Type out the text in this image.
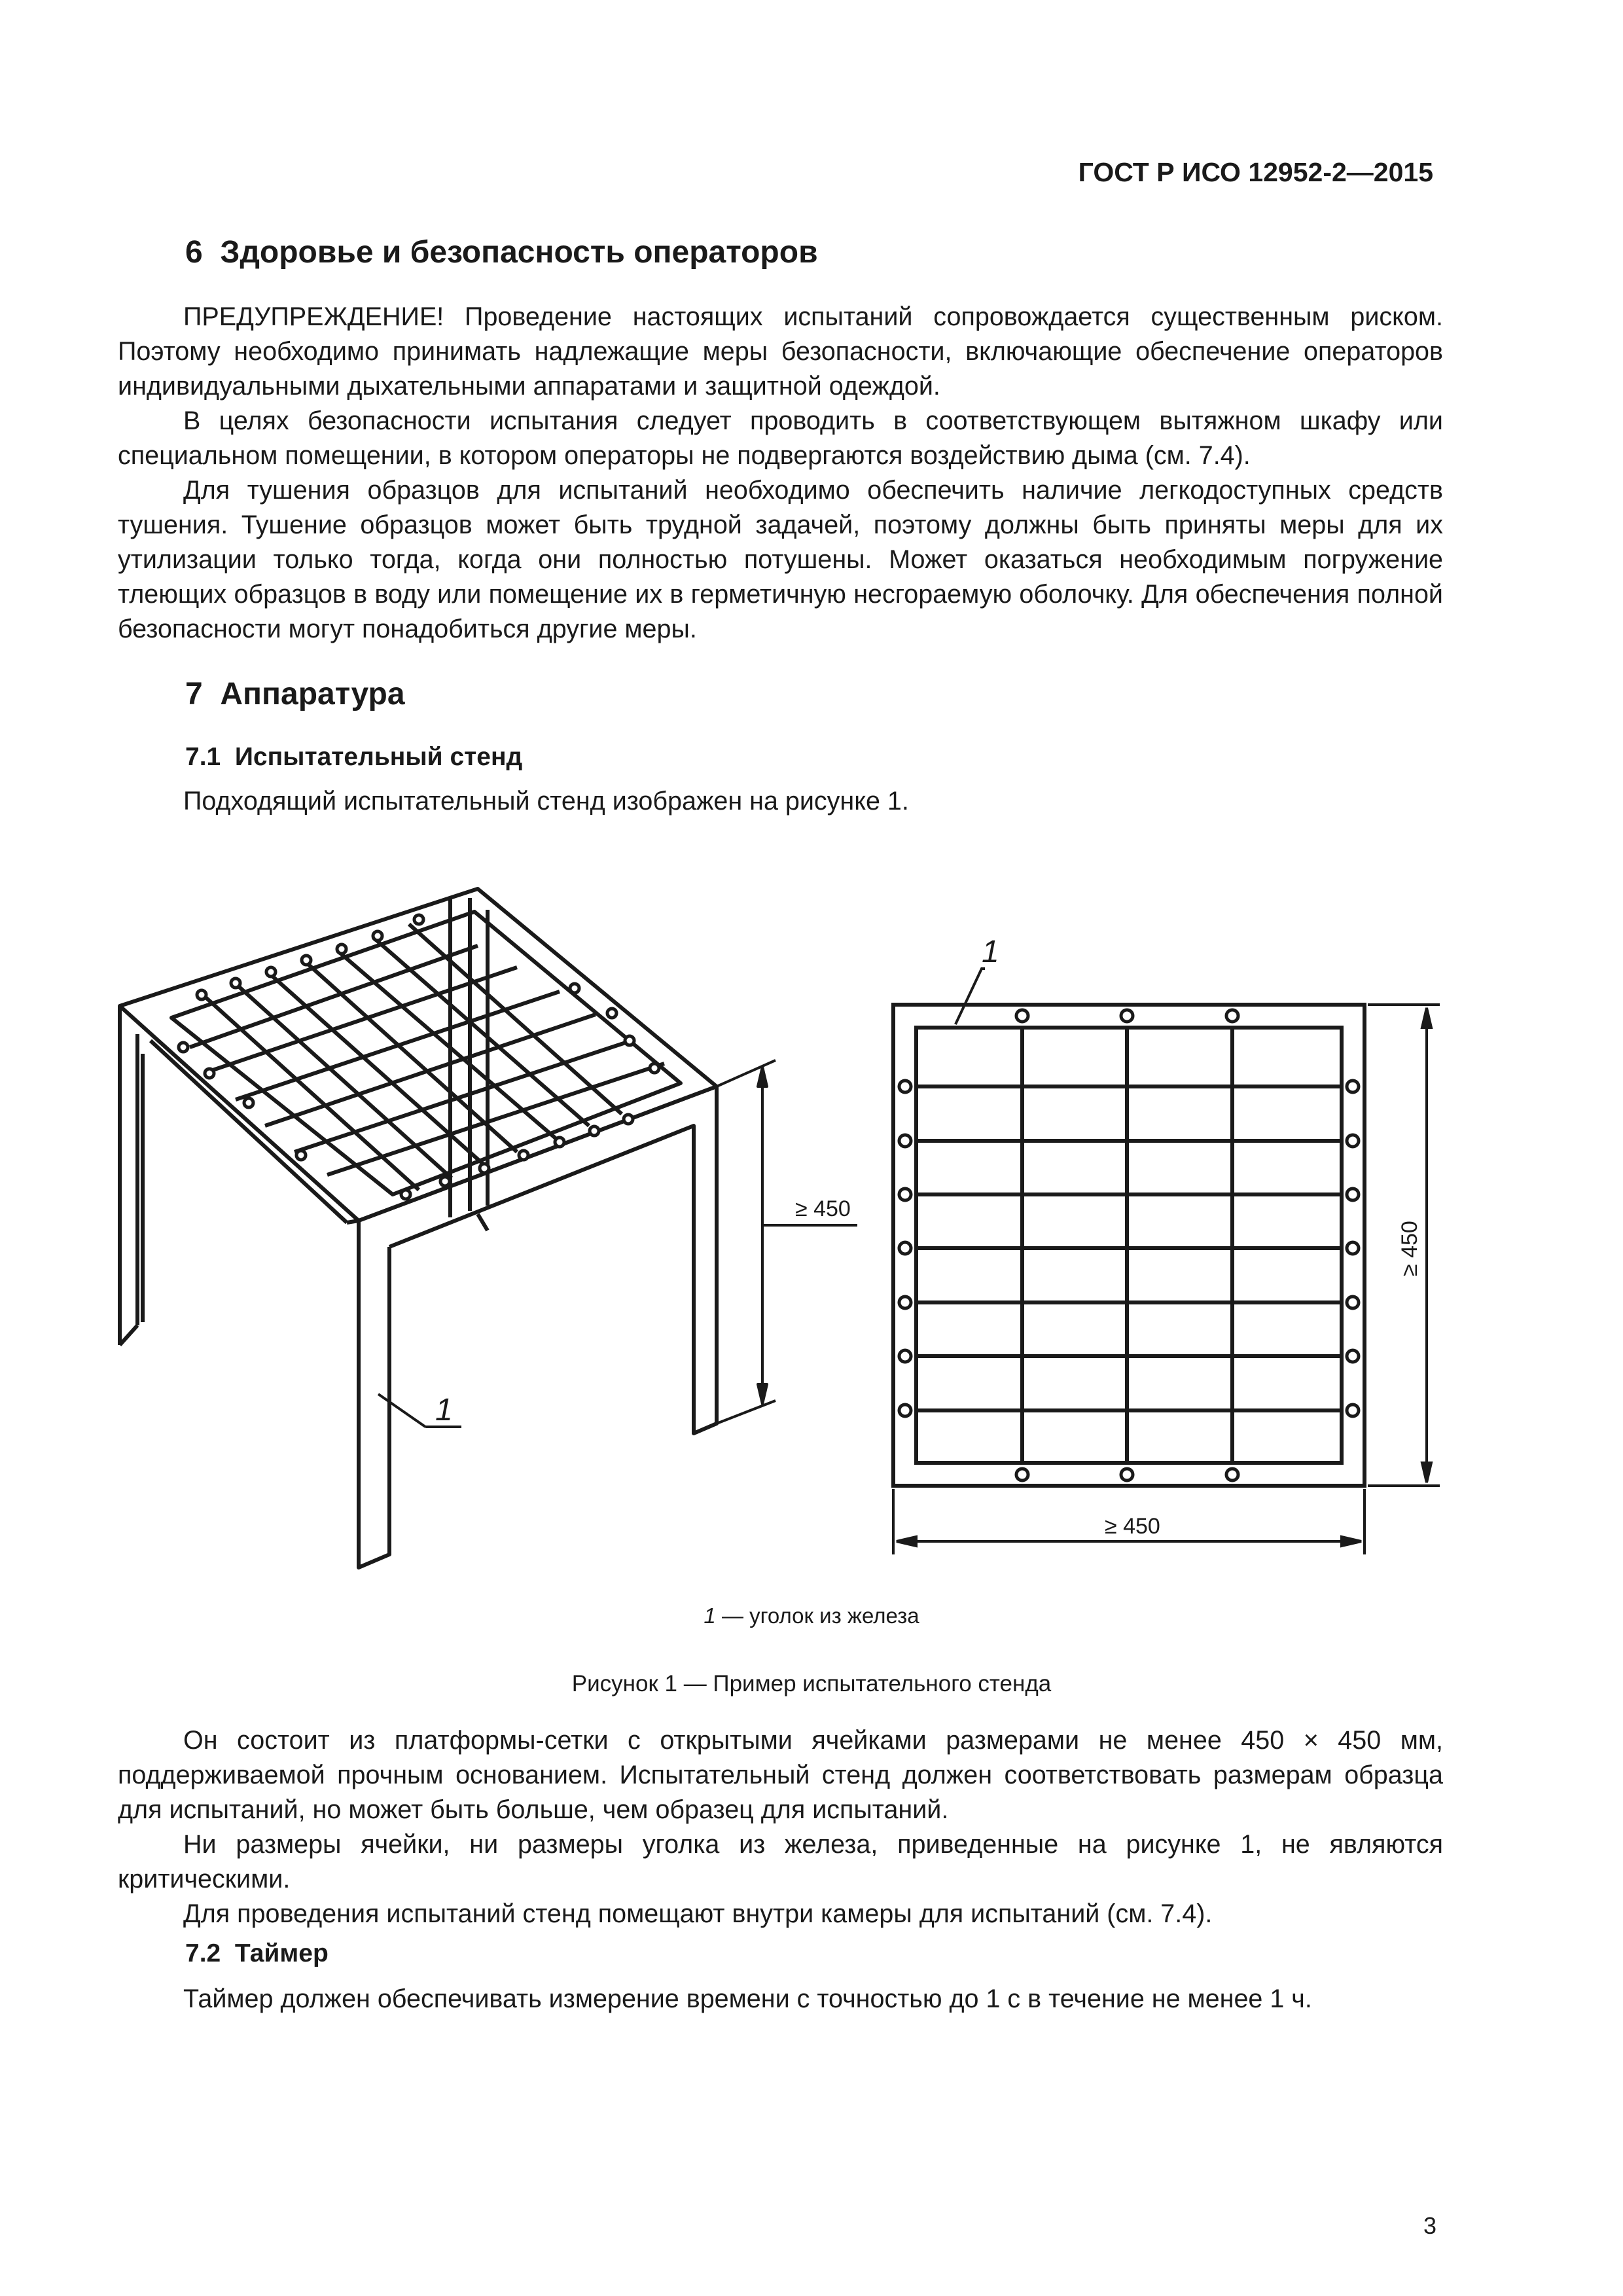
ГОСТ Р ИСО 12952-2—2015
6 Здоровье и безопасность операторов

ПРЕДУПРЕЖДЕНИЕ! Проведение настоящих испытаний сопровождается существенным риском. Поэтому необходимо принимать надлежащие меры безопасности, включающие обеспечение операторов индивидуальными дыхательными аппаратами и защитной одеждой.

В целях безопасности испытания следует проводить в соответствующем вытяжном шкафу или специальном помещении, в котором операторы не подвергаются воздействию дыма (см. 7.4).

Для тушения образцов для испытаний необходимо обеспечить наличие легкодоступных средств тушения. Тушение образцов может быть трудной задачей, поэтому должны быть приняты меры для их утилизации только тогда, когда они полностью потушены. Может оказаться необходимым погружение тлеющих образцов в воду или помещение их в герметичную несгораемую оболочку. Для обеспечения полной безопасности могут понадобиться другие меры.

7 Аппаратура
7.1 Испытательный стенд

Подходящий испытательный стенд изображен на рисунке 1.

≥ 450
1
≥ 450
≥ 450
1
1 — уголок из железа
Рисунок 1 — Пример испытательного стенда

Он состоит из платформы-сетки с открытыми ячейками размерами не менее 450 × 450 мм, поддерживаемой прочным основанием. Испытательный стенд должен соответствовать размерам образца для испытаний, но может быть больше, чем образец для испытаний.

Ни размеры ячейки, ни размеры уголка из железа, приведенные на рисунке 1, не являются критическими.

Для проведения испытаний стенд помещают внутри камеры для испытаний (см. 7.4).

7.2 Таймер

Таймер должен обеспечивать измерение времени с точностью до 1 с в течение не менее 1 ч.

3
